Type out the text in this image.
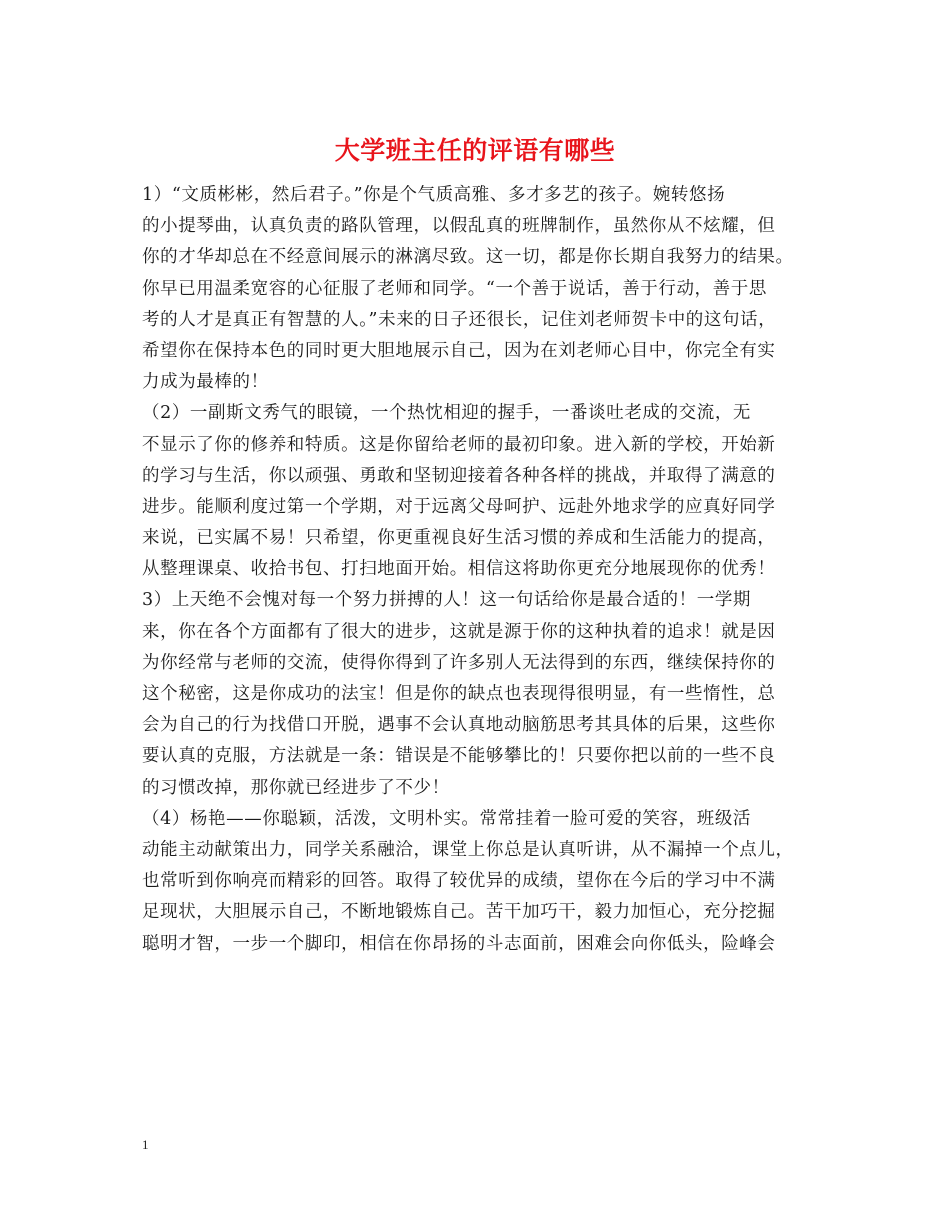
大学班主任的评语有哪些
1）“文质彬彬，然后君子。”你是个气质高雅、多才多艺的孩子。婉转悠扬
的小提琴曲，认真负责的路队管理，以假乱真的班牌制作，虽然你从不炫耀，但
你的才华却总在不经意间展示的淋漓尽致。这一切，都是你长期自我努力的结果。
你早已用温柔宽容的心征服了老师和同学。“一个善于说话，善于行动，善于思
考的人才是真正有智慧的人。”未来的日子还很长，记住刘老师贺卡中的这句话，
希望你在保持本色的同时更大胆地展示自己，因为在刘老师心目中，你完全有实
力成为最棒的！
（2）一副斯文秀气的眼镜，一个热忱相迎的握手，一番谈吐老成的交流，无
不显示了你的修养和特质。这是你留给老师的最初印象。进入新的学校，开始新
的学习与生活，你以顽强、勇敢和坚韧迎接着各种各样的挑战，并取得了满意的
进步。能顺利度过第一个学期，对于远离父母呵护、远赴外地求学的应真好同学
来说，已实属不易！只希望，你更重视良好生活习惯的养成和生活能力的提高，
从整理课桌、收拾书包、打扫地面开始。相信这将助你更充分地展现你的优秀！
3）上天绝不会愧对每一个努力拼搏的人！这一句话给你是最合适的！一学期
来，你在各个方面都有了很大的进步，这就是源于你的这种执着的追求！就是因
为你经常与老师的交流，使得你得到了许多别人无法得到的东西，继续保持你的
这个秘密，这是你成功的法宝！但是你的缺点也表现得很明显，有一些惰性，总
会为自己的行为找借口开脱，遇事不会认真地动脑筋思考其具体的后果，这些你
要认真的克服，方法就是一条：错误是不能够攀比的！只要你把以前的一些不良
的习惯改掉，那你就已经进步了不少！
（4）杨艳——你聪颖，活泼，文明朴实。常常挂着一脸可爱的笑容，班级活
动能主动献策出力，同学关系融洽，课堂上你总是认真听讲，从不漏掉一个点儿，
也常听到你响亮而精彩的回答。取得了较优异的成绩，望你在今后的学习中不满
足现状，大胆展示自己，不断地锻炼自己。苦干加巧干，毅力加恒心，充分挖掘
聪明才智，一步一个脚印，相信在你昂扬的斗志面前，困难会向你低头，险峰会
1
